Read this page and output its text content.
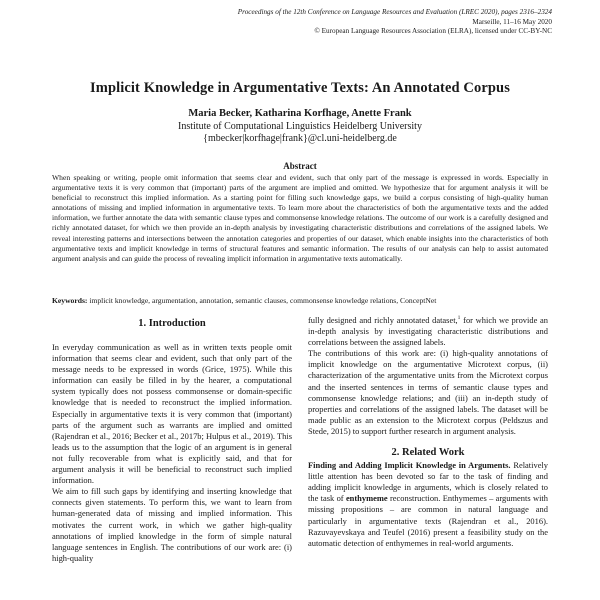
Proceedings of the 12th Conference on Language Resources and Evaluation (LREC 2020), pages 2316–2324
Marseille, 11–16 May 2020
© European Language Resources Association (ELRA), licensed under CC-BY-NC
Implicit Knowledge in Argumentative Texts: An Annotated Corpus
Maria Becker, Katharina Korfhage, Anette Frank
Institute of Computational Linguistics Heidelberg University
{mbecker|korfhage|frank}@cl.uni-heidelberg.de
Abstract
When speaking or writing, people omit information that seems clear and evident, such that only part of the message is expressed in words. Especially in argumentative texts it is very common that (important) parts of the argument are implied and omitted. We hypothesize that for argument analysis it will be beneficial to reconstruct this implied information. As a starting point for filling such knowledge gaps, we build a corpus consisting of high-quality human annotations of missing and implied information in argumentative texts. To learn more about the characteristics of both the argumentative texts and the added information, we further annotate the data with semantic clause types and commonsense knowledge relations. The outcome of our work is a carefully designed and richly annotated dataset, for which we then provide an in-depth analysis by investigating characteristic distributions and correlations of the assigned labels. We reveal interesting patterns and intersections between the annotation categories and properties of our dataset, which enable insights into the characteristics of both argumentative texts and implicit knowledge in terms of structural features and semantic information. The results of our analysis can help to assist automated argument analysis and can guide the process of revealing implicit information in argumentative texts automatically.
Keywords: implicit knowledge, argumentation, annotation, semantic clauses, commonsense knowledge relations, ConceptNet
1. Introduction

In everyday communication as well as in written texts people omit information that seems clear and evident, such that only part of the message needs to be expressed in words (Grice, 1975). While this information can easily be filled in by the hearer, a computational system typically does not possess commonsense or domain-specific knowledge that is needed to reconstruct the implied information. Especially in argumentative texts it is very common that (important) parts of the argument such as warrants are implied and omitted (Rajendran et al., 2016; Becker et al., 2017b; Hulpus et al., 2019). This leads us to the assumption that the logic of an argument is in general not fully recoverable from what is explicitly said, and that for argument analysis it will be beneficial to reconstruct such implied information.

We aim to fill such gaps by identifying and inserting knowledge that connects given statements. To perform this, we want to learn from human-generated data of missing and implied information. This motivates the current work, in which we gather high-quality annotations of implied knowledge in the form of simple natural language sentences in English. The contributions of our work are: (i) high-quality

fully designed and richly annotated dataset,$^1$ for which we provide an in-depth analysis by investigating characteristic distributions and correlations between the assigned labels.

The contributions of this work are: (i) high-quality annotations of implicit knowledge on the argumentative Microtext corpus, (ii) characterization of the argumentative units from the Microtext corpus and the inserted sentences in terms of semantic clause types and commonsense knowledge relations; and (iii) an in-depth study of properties and correlations of the assigned labels. The dataset will be made public as an extension to the Microtext corpus (Peldszus and Stede, 2015) to support further research in argument analysis.

2. Related Work

Finding and Adding Implicit Knowledge in Arguments. Relatively little attention has been devoted so far to the task of finding and adding implicit knowledge in arguments, which is closely related to the task of enthymeme reconstruction. Enthymemes – arguments with missing propositions – are common in natural language and particularly in argumentative texts (Rajendran et al., 2016). Razuvayevskaya and Teufel (2016) present a feasibility study on the automatic detection of enthymemes in real-world arguments.
